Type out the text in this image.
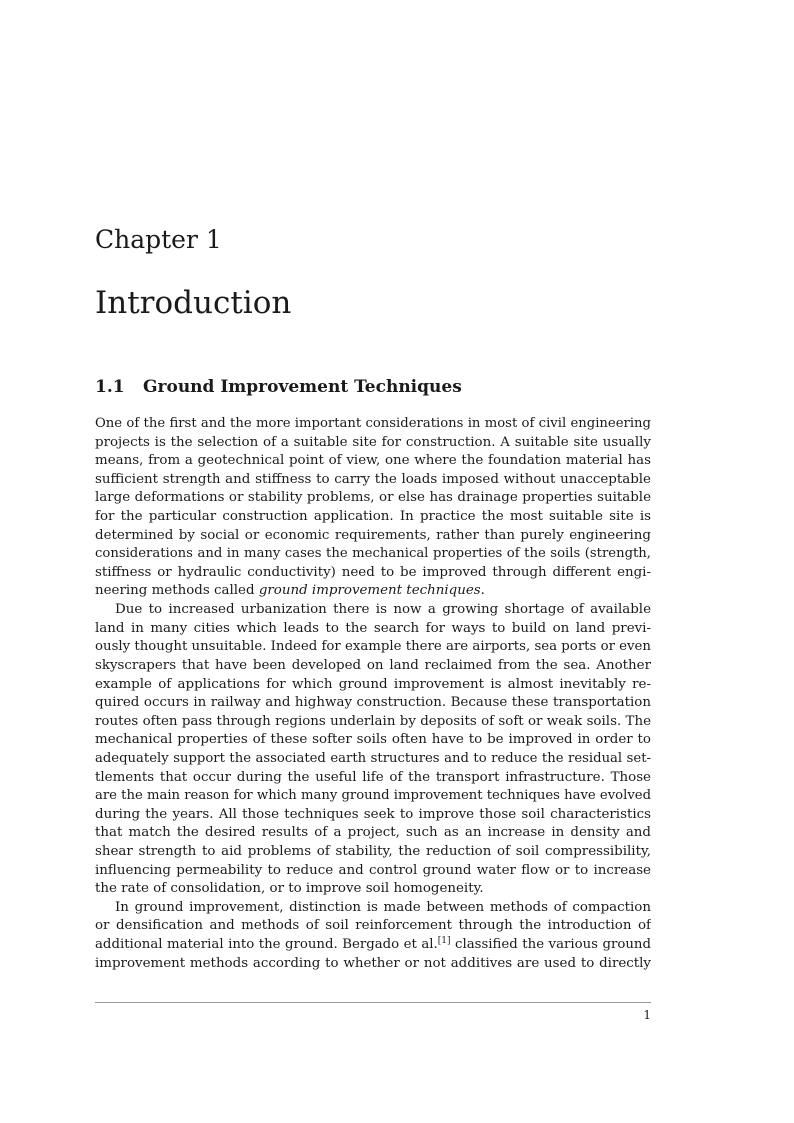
Chapter 1
Introduction
1.1 Ground Improvement Techniques
One of the first and the more important considerations in most of civil engineering
projects is the selection of a suitable site for construction. A suitable site usually
means, from a geotechnical point of view, one where the foundation material has
sufficient strength and stiffness to carry the loads imposed without unacceptable
large deformations or stability problems, or else has drainage properties suitable
for the particular construction application. In practice the most suitable site is
determined by social or economic requirements, rather than purely engineering
considerations and in many cases the mechanical properties of the soils (strength,
stiffness or hydraulic conductivity) need to be improved through different engi-
neering methods called ground improvement techniques.
Due to increased urbanization there is now a growing shortage of available
land in many cities which leads to the search for ways to build on land previ-
ously thought unsuitable. Indeed for example there are airports, sea ports or even
skyscrapers that have been developed on land reclaimed from the sea. Another
example of applications for which ground improvement is almost inevitably re-
quired occurs in railway and highway construction. Because these transportation
routes often pass through regions underlain by deposits of soft or weak soils. The
mechanical properties of these softer soils often have to be improved in order to
adequately support the associated earth structures and to reduce the residual set-
tlements that occur during the useful life of the transport infrastructure. Those
are the main reason for which many ground improvement techniques have evolved
during the years. All those techniques seek to improve those soil characteristics
that match the desired results of a project, such as an increase in density and
shear strength to aid problems of stability, the reduction of soil compressibility,
influencing permeability to reduce and control ground water flow or to increase
the rate of consolidation, or to improve soil homogeneity.
In ground improvement, distinction is made between methods of compaction
or densification and methods of soil reinforcement through the introduction of
additional material into the ground. Bergado et al.[1] classified the various ground
improvement methods according to whether or not additives are used to directly
1
